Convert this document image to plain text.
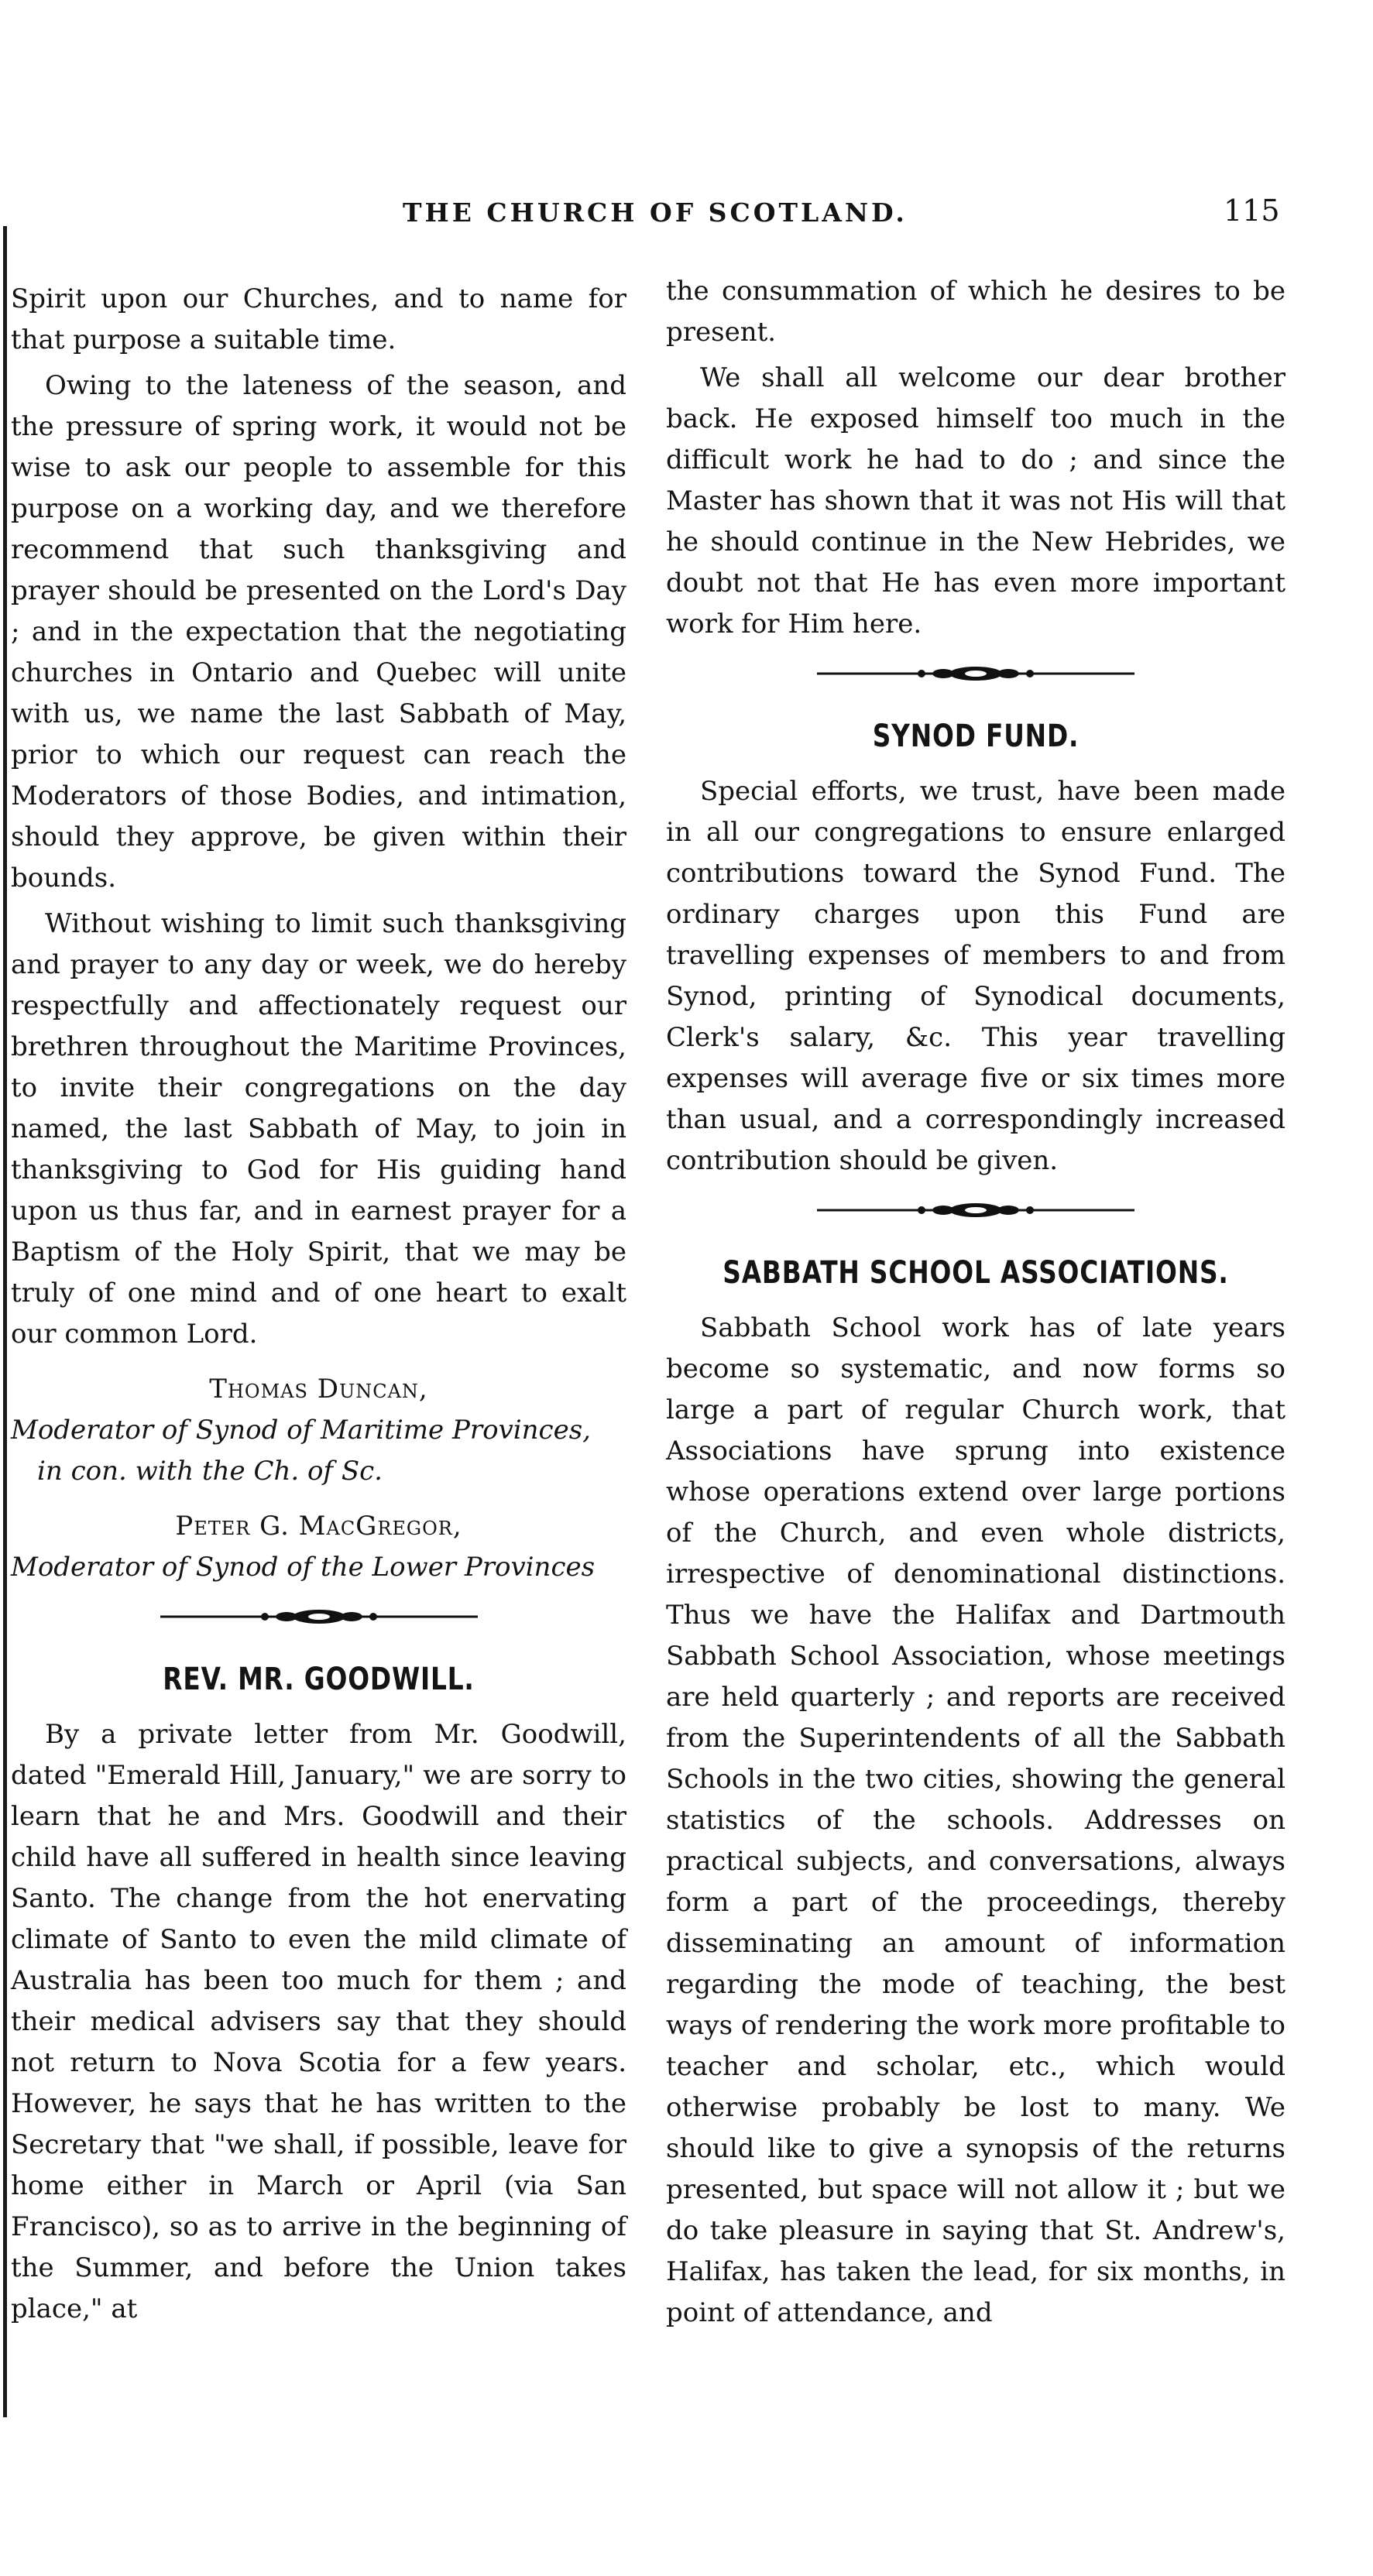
THE CHURCH OF SCOTLAND.	115

Spirit upon our Churches, and to name for that purpose a suitable time.

Owing to the lateness of the season, and the pressure of spring work, it would not be wise to ask our people to assemble for this purpose on a working day, and we therefore recommend that such thanksgiving and prayer should be presented on the Lord's Day ; and in the expectation that the negotiating churches in Ontario and Quebec will unite with us, we name the last Sabbath of May, prior to which our request can reach the Moderators of those Bodies, and intimation, should they approve, be given within their bounds.

Without wishing to limit such thanksgiving and prayer to any day or week, we do hereby respectfully and affectionately request our brethren throughout the Maritime Provinces, to invite their congregations on the day named, the last Sabbath of May, to join in thanksgiving to God for His guiding hand upon us thus far, and in earnest prayer for a Baptism of the Holy Spirit, that we may be truly of one mind and of one heart to exalt our common Lord.

Thomas Duncan,
Moderator of Synod of Maritime Provinces,
in con. with the Ch. of Sc.
Peter G. MacGregor,
Moderator of Synod of the Lower Provinces
REV. MR. GOODWILL.

By a private letter from Mr. Goodwill, dated "Emerald Hill, January," we are sorry to learn that he and Mrs. Goodwill and their child have all suffered in health since leaving Santo. The change from the hot enervating climate of Santo to even the mild climate of Australia has been too much for them ; and their medical advisers say that they should not return to Nova Scotia for a few years. However, he says that he has written to the Secretary that "we shall, if possible, leave for home either in March or April (via San Francisco), so as to arrive in the beginning of the Summer, and before the Union takes place," at

the consummation of which he desires to be present.

We shall all welcome our dear brother back. He exposed himself too much in the difficult work he had to do ; and since the Master has shown that it was not His will that he should continue in the New Hebrides, we doubt not that He has even more important work for Him here.

SYNOD FUND.

Special efforts, we trust, have been made in all our congregations to ensure enlarged contributions toward the Synod Fund. The ordinary charges upon this Fund are travelling expenses of members to and from Synod, printing of Synodical documents, Clerk's salary, &c. This year travelling expenses will average five or six times more than usual, and a correspondingly increased contribution should be given.

SABBATH SCHOOL ASSOCIATIONS.

Sabbath School work has of late years become so systematic, and now forms so large a part of regular Church work, that Associations have sprung into existence whose operations extend over large portions of the Church, and even whole districts, irrespective of denominational distinctions. Thus we have the Halifax and Dartmouth Sabbath School Association, whose meetings are held quarterly ; and reports are received from the Superintendents of all the Sabbath Schools in the two cities, showing the general statistics of the schools. Addresses on practical subjects, and conversations, always form a part of the proceedings, thereby disseminating an amount of information regarding the mode of teaching, the best ways of rendering the work more profitable to teacher and scholar, etc., which would otherwise probably be lost to many. We should like to give a synopsis of the returns presented, but space will not allow it ; but we do take pleasure in saying that St. Andrew's, Halifax, has taken the lead, for six months, in point of attendance, and
